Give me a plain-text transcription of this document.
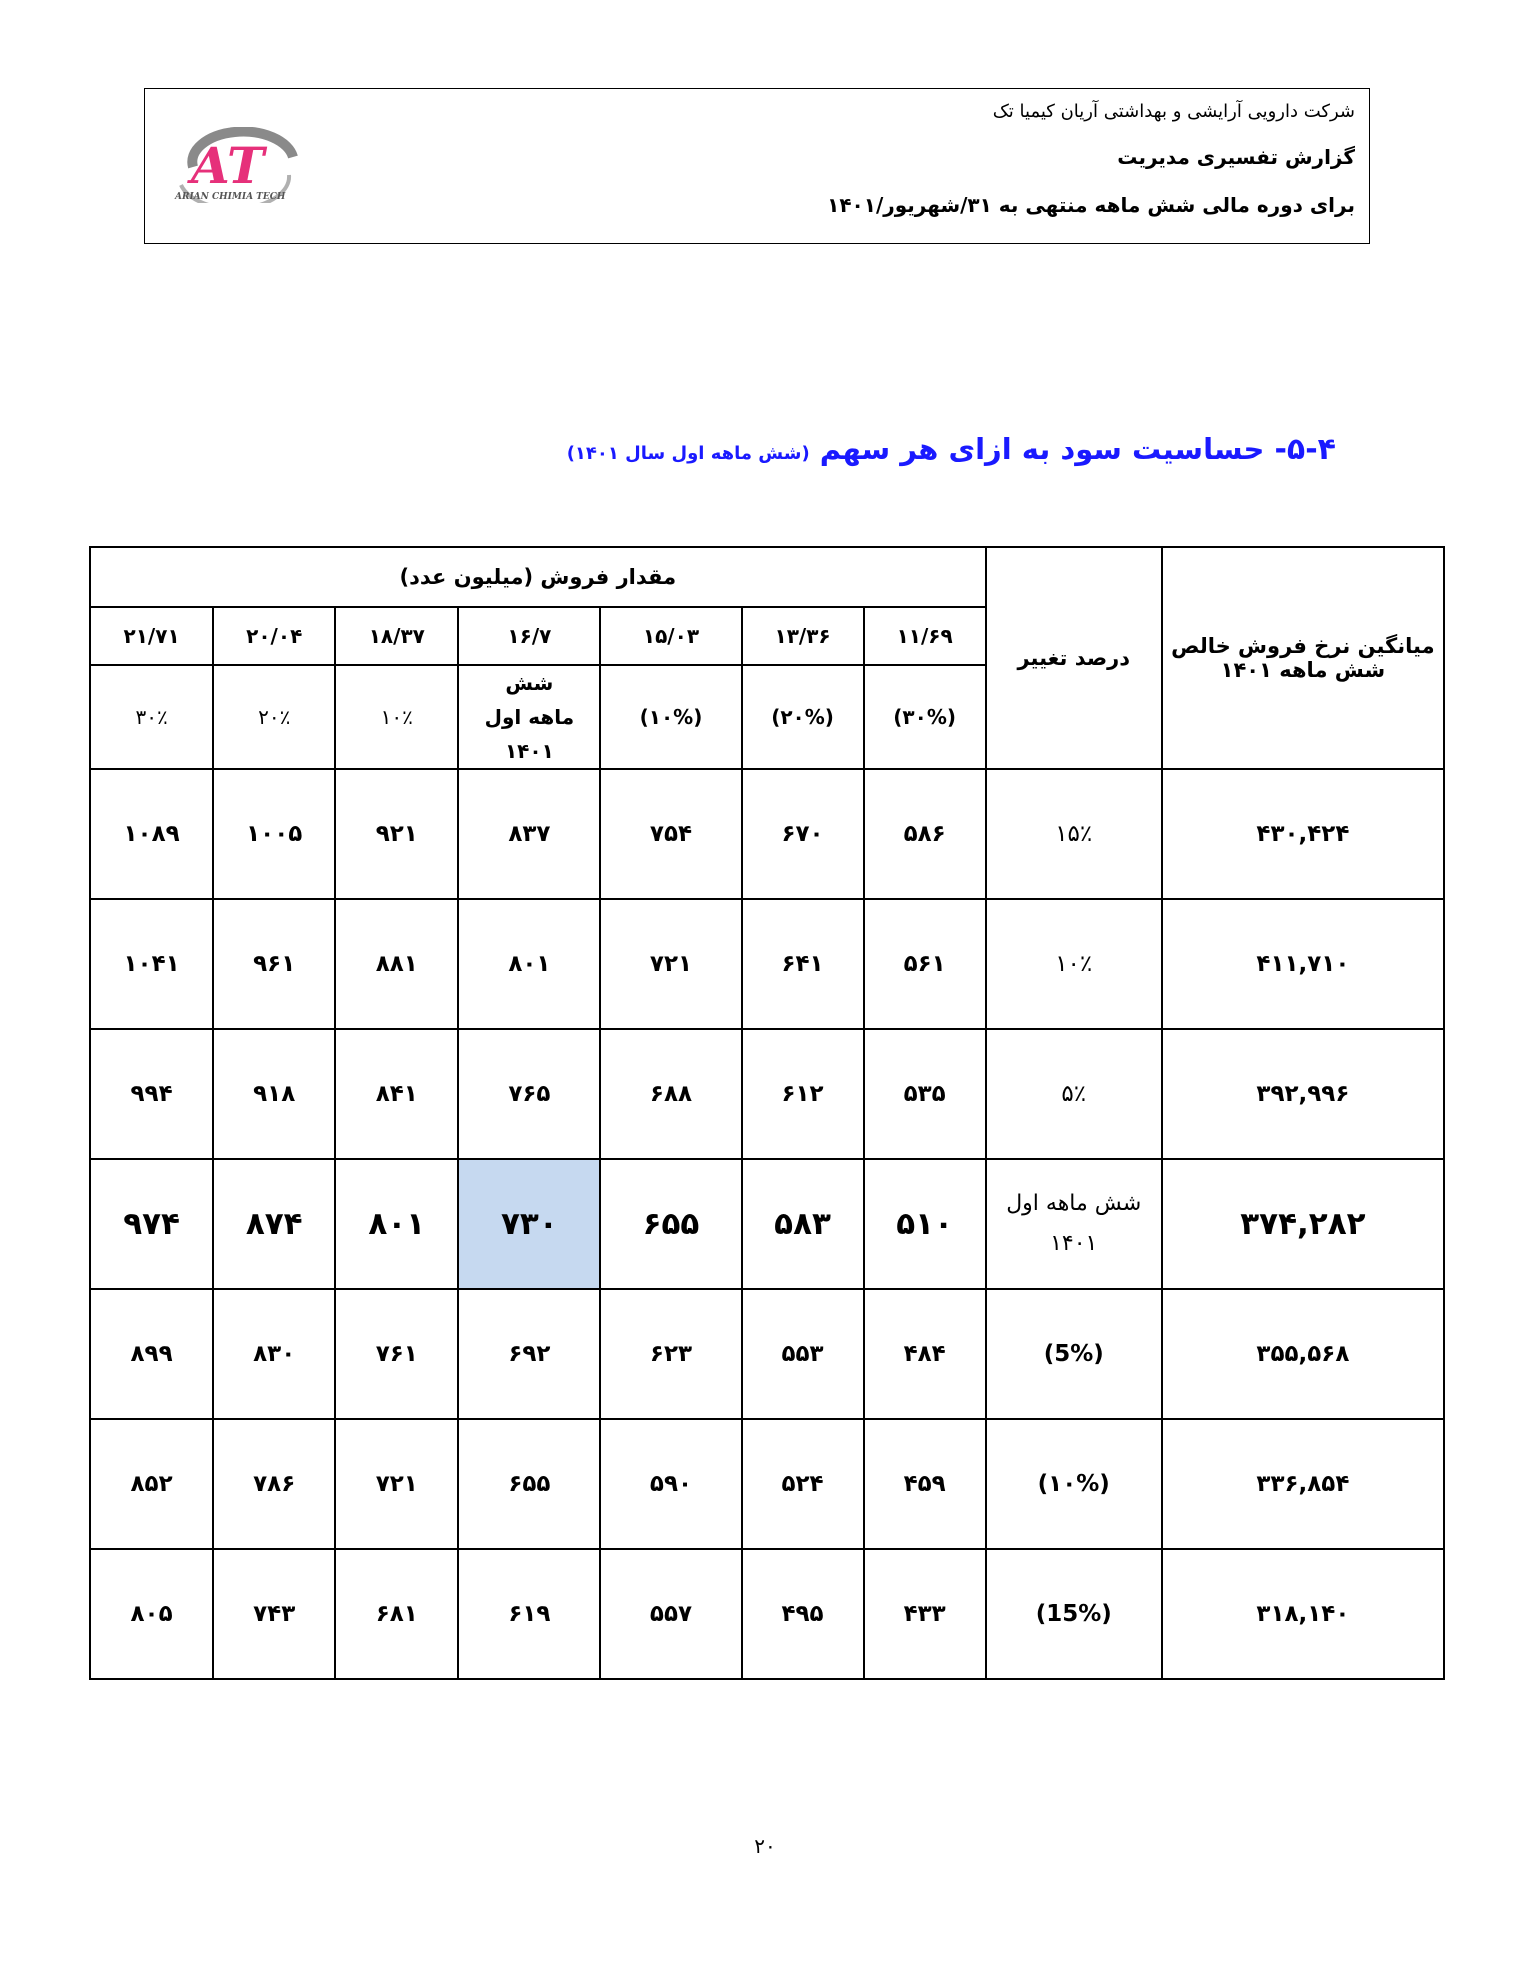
شرکت دارویی آرایشی و بهداشتی آریان کیمیا تک
گزارش تفسیری مدیریت
برای دوره مالی شش ماهه منتهی به ۳۱/شهریور/۱۴۰۱
AT
ARIAN CHIMIA TECH
۵-۴- حساسیت سود به ازای هر سهم (شش ماهه اول سال ۱۴۰۱)
میانگین نرخ فروش خالص شش ماهه ۱۴۰۱	درصد تغییر	مقدار فروش (میلیون عدد)						
		۱۱/۶۹	۱۳/۳۶	۱۵/۰۳	۱۶/۷	۱۸/۳۷	۲۰/۰۴	۲۱/۷۱
		(۳۰%)	(۲۰%)	(۱۰%)	شش ماهه اول ۱۴۰۱	۱۰٪	۲۰٪	۳۰٪
۴۳۰,۴۲۴	۱۵٪	۵۸۶	۶۷۰	۷۵۴	۸۳۷	۹۲۱	۱۰۰۵	۱۰۸۹
۴۱۱,۷۱۰	۱۰٪	۵۶۱	۶۴۱	۷۲۱	۸۰۱	۸۸۱	۹۶۱	۱۰۴۱
۳۹۲,۹۹۶	۵٪	۵۳۵	۶۱۲	۶۸۸	۷۶۵	۸۴۱	۹۱۸	۹۹۴
۳۷۴,۲۸۲	شش ماهه اول ۱۴۰۱	۵۱۰	۵۸۳	۶۵۵	۷۳۰	۸۰۱	۸۷۴	۹۷۴
۳۵۵,۵۶۸	(5%)	۴۸۴	۵۵۳	۶۲۳	۶۹۲	۷۶۱	۸۳۰	۸۹۹
۳۳۶,۸۵۴	(۱۰%)	۴۵۹	۵۲۴	۵۹۰	۶۵۵	۷۲۱	۷۸۶	۸۵۲
۳۱۸,۱۴۰	(15%)	۴۳۳	۴۹۵	۵۵۷	۶۱۹	۶۸۱	۷۴۳	۸۰۵
۲۰
